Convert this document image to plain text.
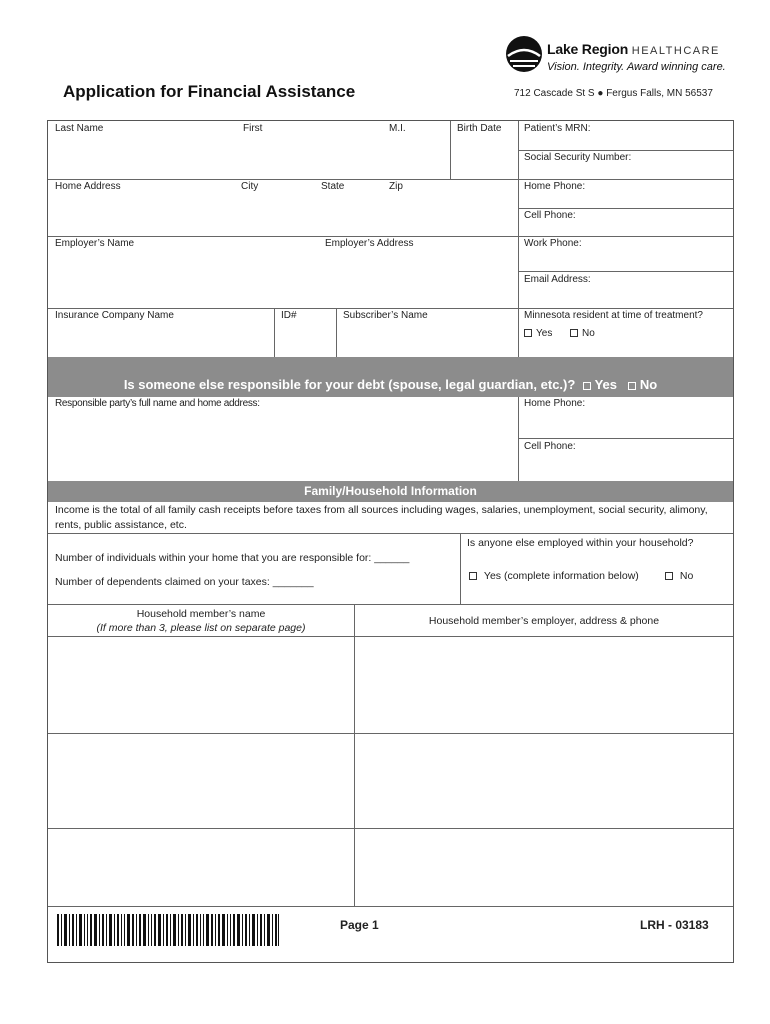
Lake Region HEALTHCARE
Vision. Integrity. Award winning care.
Application for Financial Assistance	712 Cascade St S ● Fergus Falls, MN 56537
Last Name	First	M.I.	Birth Date Patient’s MRN:
Social Security Number:
Home Address	City	State	Zip	Home Phone:
Cell Phone:
Employer’s Name	Employer’s Address	Work Phone:
Email Address:
Insurance Company Name	ID#	Subscriber’s Name	Minnesota resident at time of treatment?
Yes	No
Is someone else responsible for your debt (spouse, legal guardian, etc.)? Yes No
Responsible party’s full name and home address:	Home Phone:
Cell Phone:
Family/Household Information
Income is the total of all family cash receipts before taxes from all sources including wages, salaries, unemployment, social security, alimony, rents, public assistance, etc.
Number of individuals within your home that you are responsible for: ______
Number of dependents claimed on your taxes: _______
Is anyone else employed within your household?
Yes (complete information below)	No
Household member’s name
(If more than 3, please list on separate page)
Household member’s employer, address & phone
Page 1	LRH - 03183
